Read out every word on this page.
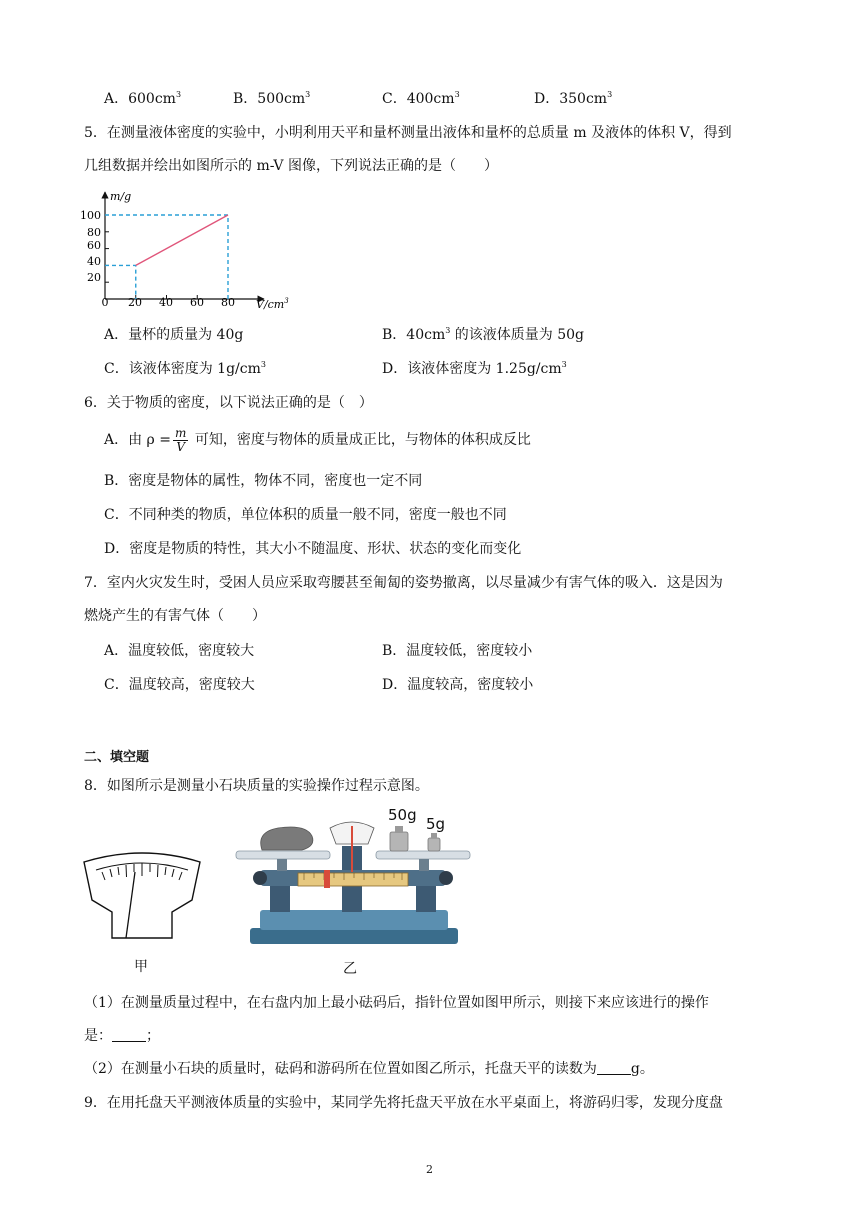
A．$600cm^3$	B．$500cm^3$	C．$400cm^3$	D．$350cm^3$
5．在测量液体密度的实验中，小明利用天平和量杯测量出液体和量杯的总质量 m 及液体的体积 V，得到
几组数据并绘出如图所示的 m-V 图像，下列说法正确的是（　　）
m/g
$V/cm^3$
100
80
60
40
20
0 20 40 60 80
A．量杯的质量为 40g	B．$40cm^3$ 的该液体质量为 50g
C．该液体密度为 $1g/cm^3$	D．该液体密度为 $1.25g/cm^3$
6．关于物质的密度，以下说法正确的是（　）
A．由 $\rho = \frac{m}{V}$ 可知，密度与物体的质量成正比，与物体的体积成反比
B．密度是物体的属性，物体不同，密度也一定不同
C．不同种类的物质，单位体积的质量一般不同，密度一般也不同
D．密度是物质的特性，其大小不随温度、形状、状态的变化而变化
7．室内火灾发生时，受困人员应采取弯腰甚至匍匐的姿势撤离，以尽量减少有害气体的吸入．这是因为
燃烧产生的有害气体（　　）
A．温度较低，密度较大	B．温度较低，密度较小
C．温度较高，密度较大	D．温度较高，密度较小
二、填空题
8．如图所示是测量小石块质量的实验操作过程示意图。
甲
50g 5g
乙
（1）在测量质量过程中，在右盘内加上最小砝码后，指针位置如图甲所示，则接下来应该进行的操作
是： ；
（2）在测量小石块的质量时，砝码和游码所在位置如图乙所示，托盘天平的读数为 g。
9．在用托盘天平测液体质量的实验中，某同学先将托盘天平放在水平桌面上，将游码归零，发现分度盘
2
